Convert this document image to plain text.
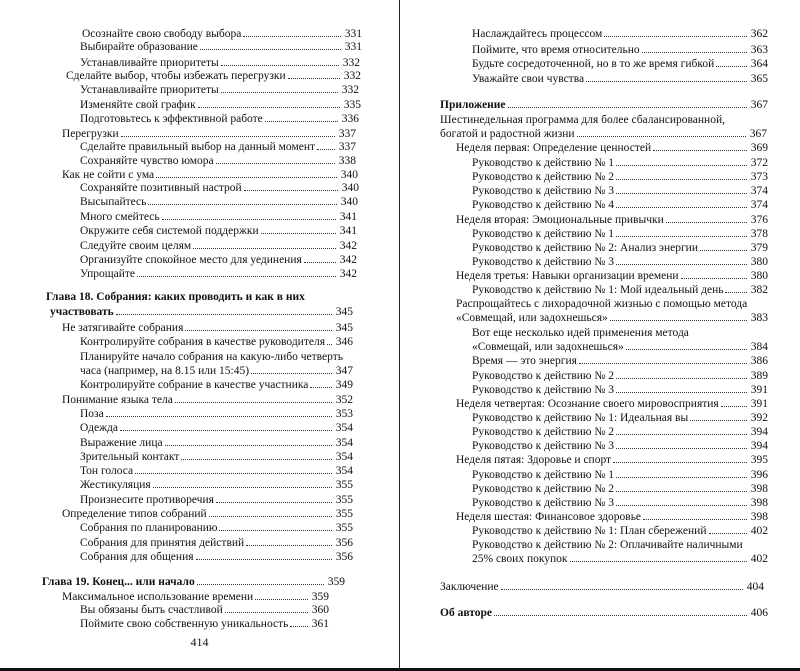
Осознайте свою свободу выбора	331
Выбирайте образование	331
Устанавливайте приоритеты	332
Сделайте выбор, чтобы избежать перегрузки	332
Устанавливайте приоритеты	332
Изменяйте свой график	335
Подготовьтесь к эффективной работе	336
Перегрузки	337
Сделайте правильный выбор на данный момент 337
Сохраняйте чувство юмора	338
Как не сойти с ума	340
Сохраняйте позитивный настрой	340
Высыпайтесь	340
Много смейтесь	341
Окружите себя системой поддержки	341
Следуйте своим целям	342
Организуйте спокойное место для уединения	342
Упрощайте	342
Глава 18. Собрания: каких проводить и как в них
участвовать	345
Не затягивайте собрания	345
Контролируйте собрания в качестве руководителя 346
Планируйте начало собрания на какую-либо четверть
часа (например, на 8.15 или 15:45)	347
Контролируйте собрание в качестве участника 349
Понимание языка тела	352
Поза	353
Одежда	354
Выражение лица	354
Зрительный контакт	354
Тон голоса	354
Жестикуляция	355
Произнесите противоречия	355
Определение типов собраний	355
Собрания по планированию	355
Собрания для принятия действий	356
Собрания для общения	356
Глава 19. Конец... или начало	359
Максимальное использование времени	359
Вы обязаны быть счастливой	360
Поймите свою собственную уникальность 361
414
Наслаждайтесь процессом	362
Поймите, что время относительно	363
Будьте сосредоточенной, но в то же время гибкой	364
Уважайте свои чувства	365
Приложение	367
Шестинедельная программа для более сбалансированной,
богатой и радостной жизни	367
Неделя первая: Определение ценностей	369
Руководство к действию № 1	372
Руководство к действию № 2	373
Руководство к действию № 3	374
Руководство к действию № 4	374
Неделя вторая: Эмоциональные привычки	376
Руководство к действию № 1	378
Руководство к действию № 2: Анализ энергии	379
Руководство к действию № 3	380
Неделя третья: Навыки организации времени	380
Руководство к действию № 1: Мой идеальный день 382
Распрощайтесь с лихорадочной жизнью с помощью метода
«Совмещай, или задохнешься»	383
Вот еще несколько идей применения метода
«Совмещай, или задохнешься»	384
Время — это энергия	386
Руководство к действию № 2	389
Руководство к действию № 3	391
Неделя четвертая: Осознание своего мировосприятия	391
Руководство к действию № 1: Идеальная вы	392
Руководство к действию № 2	394
Руководство к действию № 3	394
Неделя пятая: Здоровье и спорт	395
Руководство к действию № 1	396
Руководство к действию № 2	398
Руководство к действию № 3	398
Неделя шестая: Финансовое здоровье	398
Руководство к действию № 1: План сбережений	402
Руководство к действию № 2: Оплачивайте наличными
25% своих покупок	402
Заключение	404
Об авторе	406
